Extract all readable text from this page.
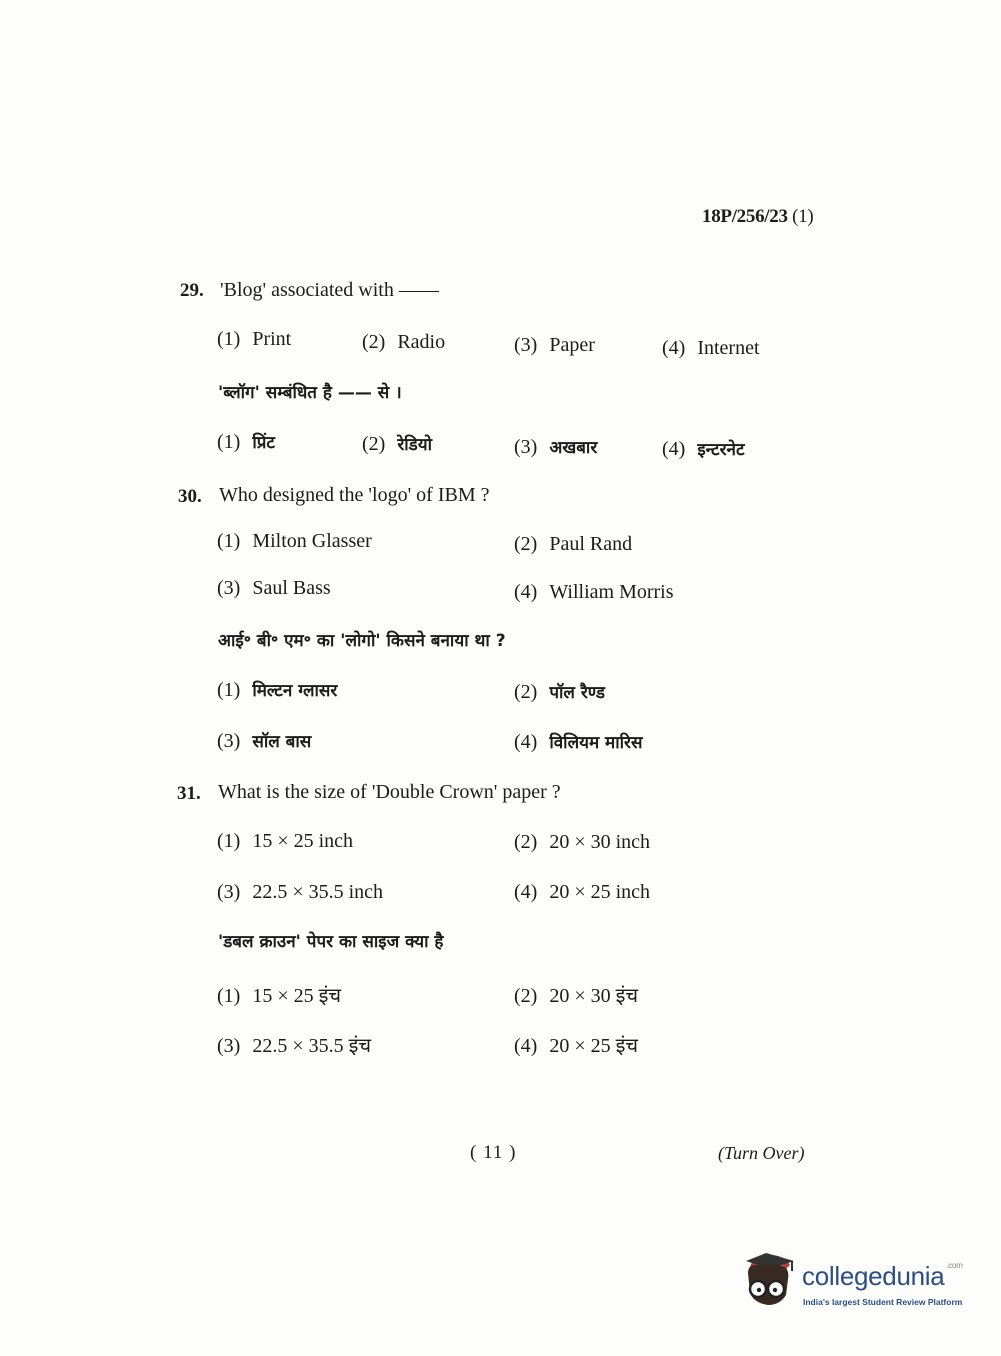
18P/256/23 (1)
29. 'Blog' associated with ——
(1) Print	(2) Radio	(3) Paper	(4) Internet
'ब्लॉग' सम्बंधित है —— से ।
(1) प्रिंट	(2) रेडियो	(3) अखबार	(4) इन्टरनेट
30. Who designed the 'logo' of IBM ?
(1) Milton Glasser	(2) Paul Rand
(3) Saul Bass	(4) William Morris
आई॰ बी॰ एम॰ का 'लोगो' किसने बनाया था ?
(1) मिल्टन ग्लासर	(2) पॉल रैण्ड
(3) सॉल बास	(4) विलियम मारिस
31. What is the size of 'Double Crown' paper ?
(1) 15 × 25 inch	(2) 20 × 30 inch
(3) 22.5 × 35.5 inch	(4) 20 × 25 inch
'डबल क्राउन' पेपर का साइज क्या है
(1) 15 × 25 इंच	(2) 20 × 30 इंच
(3) 22.5 × 35.5 इंच	(4) 20 × 25 इंच
( 11 )	(Turn Over)
collegedunia $^{.com}$
India's largest Student Review Platform
